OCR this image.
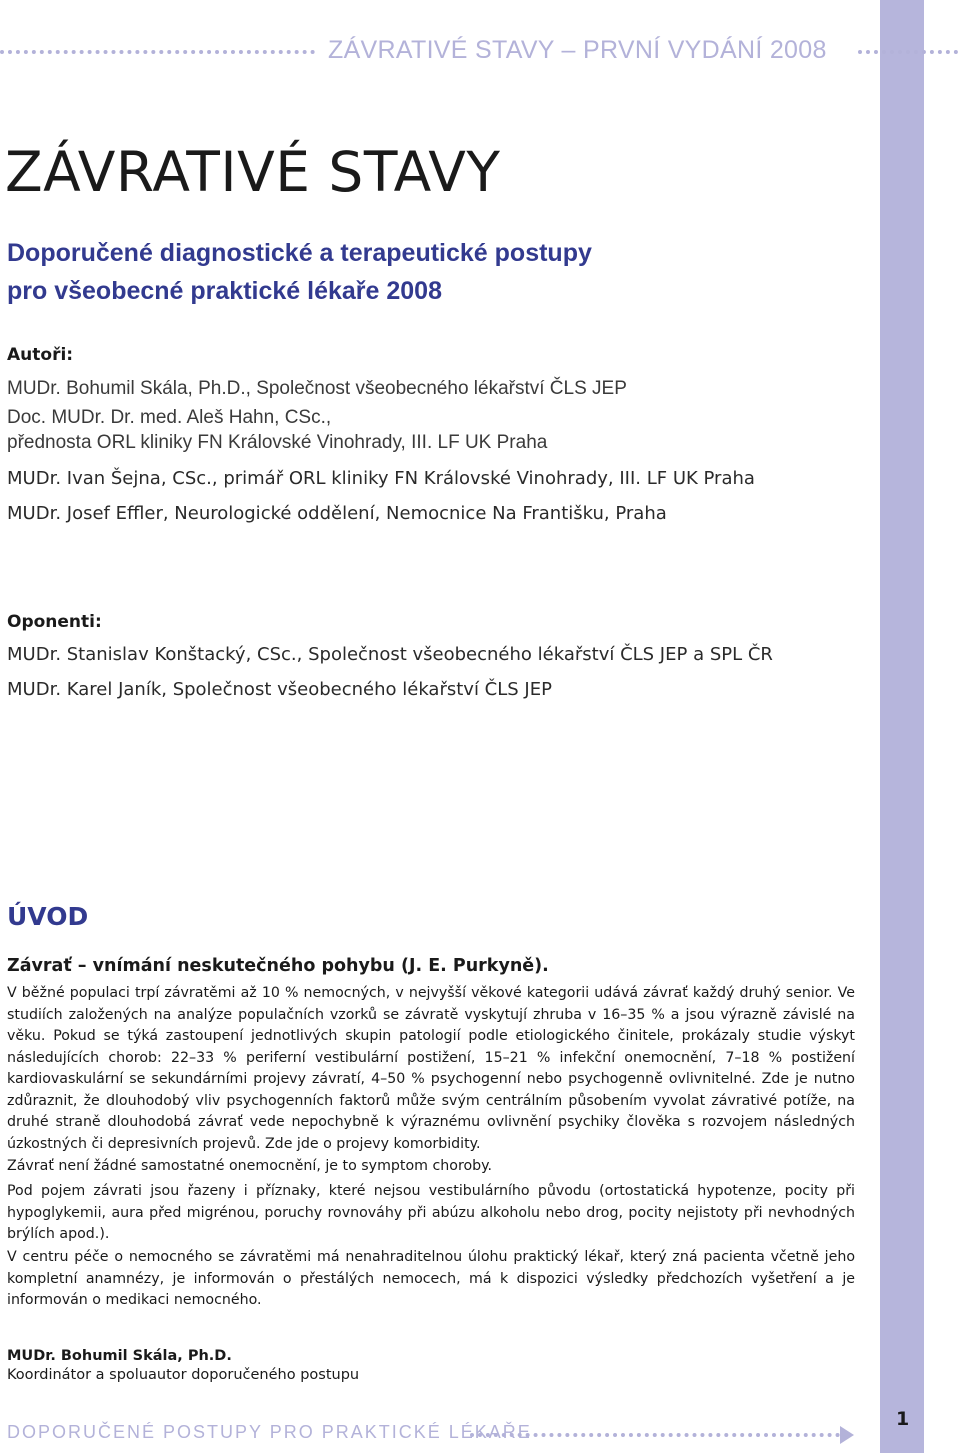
ZÁVRATIVÉ STAVY – PRVNÍ VYDÁNÍ 2008
ZÁVRATIVÉ STAVY
Doporučené diagnostické a terapeutické postupy
pro všeobecné praktické lékaře 2008

Autoři:

MUDr. Bohumil Skála, Ph.D., Společnost všeobecného lékařství ČLS JEP

Doc. MUDr. Dr. med. Aleš Hahn, CSc.,

přednosta ORL kliniky FN Královské Vinohrady, III. LF UK Praha

MUDr. Ivan Šejna, CSc., primář ORL kliniky FN Královské Vinohrady, III. LF UK Praha

MUDr. Josef Effler, Neurologické oddělení, Nemocnice Na Františku, Praha

Oponenti:

MUDr. Stanislav Konštacký, CSc., Společnost všeobecného lékařství ČLS JEP a SPL ČR

MUDr. Karel Janík, Společnost všeobecného lékařství ČLS JEP

ÚVOD

Závrať – vnímání neskutečného pohybu (J. E. Purkyně).

V běžné populaci trpí závratěmi až 10 % nemocných, v nejvyšší věkové kategorii udává závrať každý druhý senior. Ve studiích založených na analýze populačních vzorků se závratě vyskytují zhruba v 16–35 % a jsou výrazně závislé na věku. Pokud se týká zastoupení jednotlivých skupin patologií podle etiologického činitele, prokázaly studie výskyt následujících chorob: 22–33 % periferní vestibulární postižení, 15–21 % infekční onemocnění, 7–18 % postižení kardiovaskulární se sekundárními projevy závratí, 4–50 % psychogenní nebo psychogenně ovlivnitelné. Zde je nutno zdůraznit, že dlouhodobý vliv psychogenních faktorů může svým centrálním působením vyvolat závrativé potíže, na druhé straně dlouhodobá závrať vede nepochybně k výraznému ovlivnění psychiky člověka s rozvojem následných úzkostných či depresivních projevů. Zde jde o projevy komorbidity.

Závrať není žádné samostatné onemocnění, je to symptom choroby.

Pod pojem závrati jsou řazeny i příznaky, které nejsou vestibulárního původu (ortostatická hypotenze, pocity při hypoglykemii, aura před migrénou, poruchy rovnováhy při abúzu alkoholu nebo drog, pocity nejistoty při nevhodných brýlích apod.).

V centru péče o nemocného se závratěmi má nenahraditelnou úlohu praktický lékař, který zná pacienta včetně jeho kompletní anamnézy, je informován o přestálých nemocech, má k dispozici výsledky předchozích vyšetření a je informován o medikaci nemocného.

MUDr. Bohumil Skála, Ph.D.

Koordinátor a spoluautor doporučeného postupu

DOPORUČENÉ POSTUPY PRO PRAKTICKÉ LÉKAŘE

1
